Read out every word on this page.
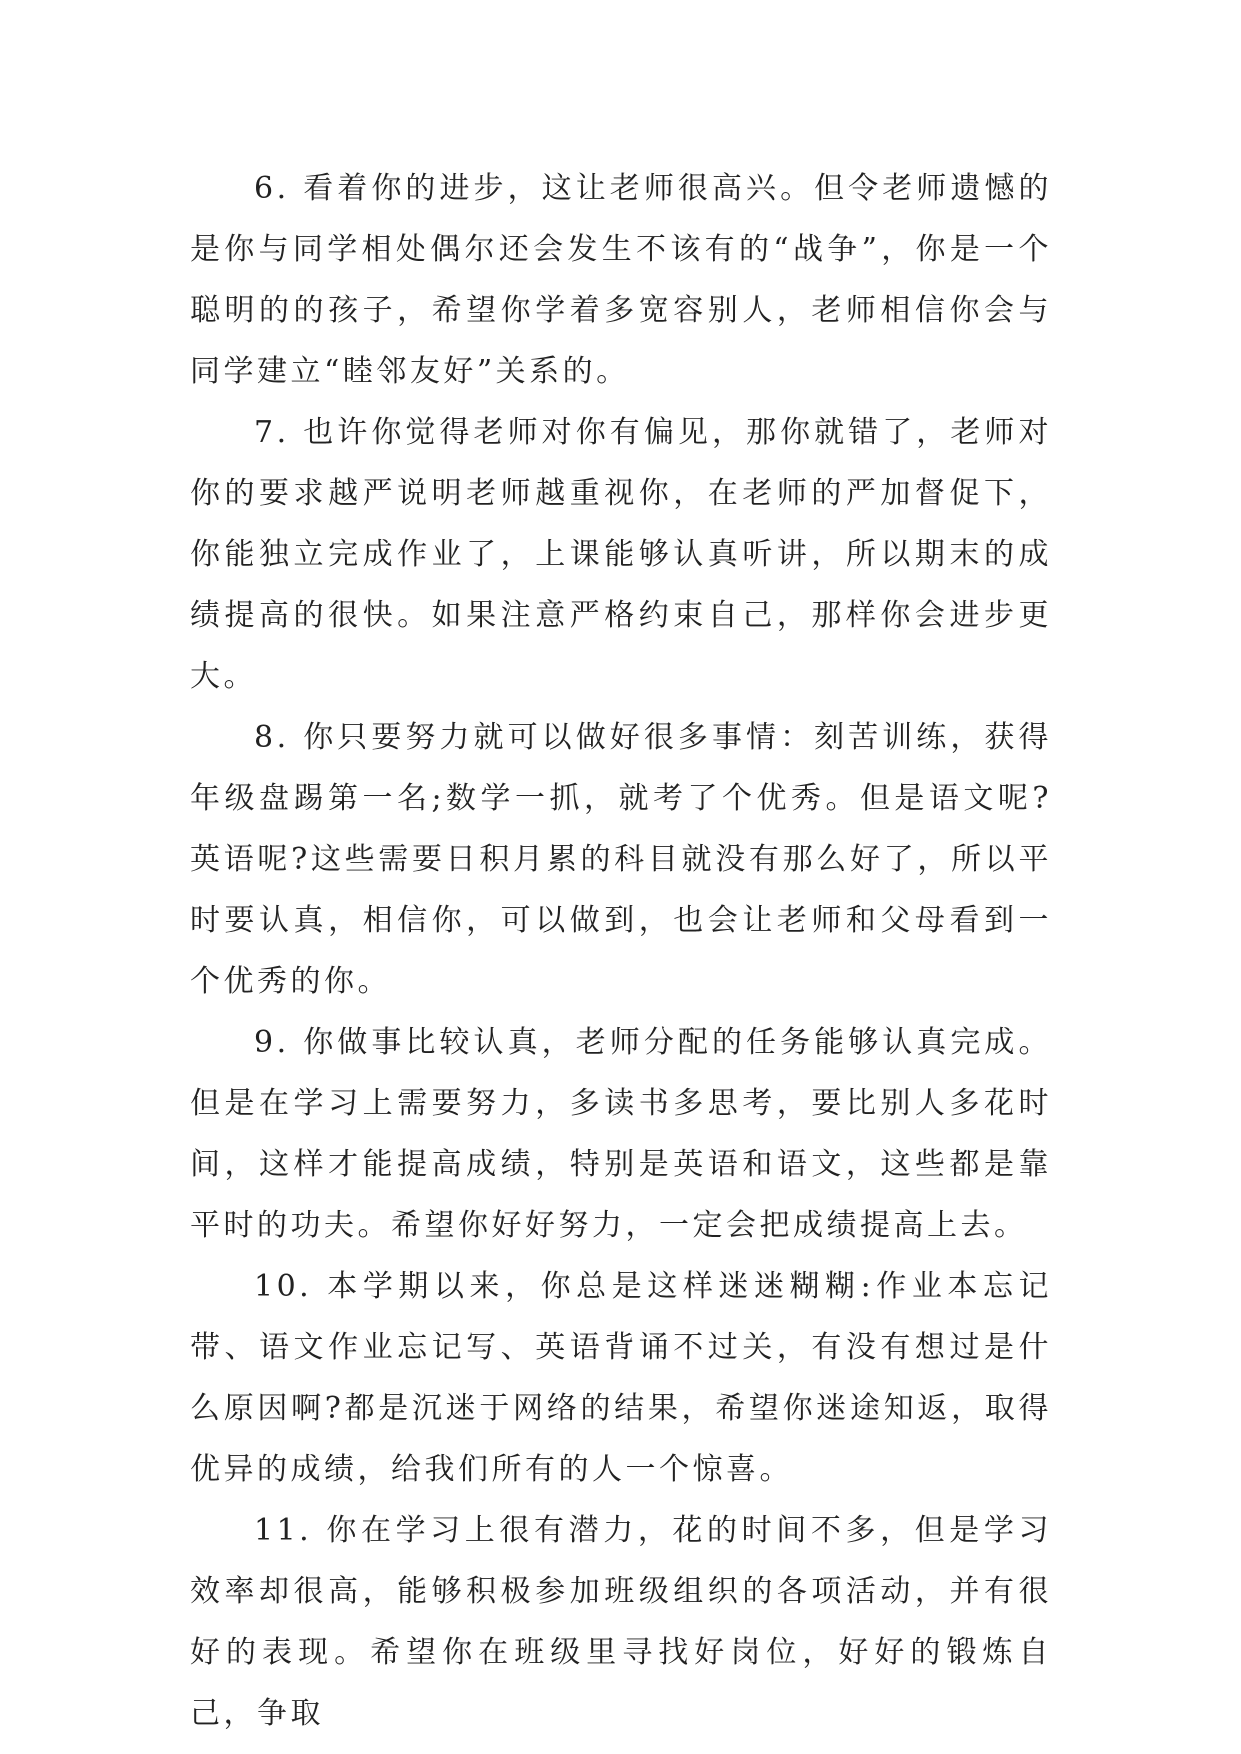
6. 看着你的进步，这让老师很高兴。但令老师遗憾的是你与同学相处偶尔还会发生不该有的“战争”，你是一个聪明的的孩子，希望你学着多宽容别人，老师相信你会与同学建立“睦邻友好”关系的。

7. 也许你觉得老师对你有偏见，那你就错了，老师对你的要求越严说明老师越重视你，在老师的严加督促下，你能独立完成作业了，上课能够认真听讲，所以期末的成绩提高的很快。如果注意严格约束自己，那样你会进步更大。

8. 你只要努力就可以做好很多事情：刻苦训练，获得年级盘踢第一名;数学一抓，就考了个优秀。但是语文呢?英语呢?这些需要日积月累的科目就没有那么好了，所以平时要认真，相信你，可以做到，也会让老师和父母看到一个优秀的你。

9. 你做事比较认真，老师分配的任务能够认真完成。但是在学习上需要努力，多读书多思考，要比别人多花时间，这样才能提高成绩，特别是英语和语文，这些都是靠平时的功夫。希望你好好努力，一定会把成绩提高上去。

10. 本学期以来，你总是这样迷迷糊糊:作业本忘记带、语文作业忘记写、英语背诵不过关，有没有想过是什么原因啊?都是沉迷于网络的结果，希望你迷途知返，取得优异的成绩，给我们所有的人一个惊喜。

11. 你在学习上很有潜力，花的时间不多，但是学习效率却很高，能够积极参加班级组织的各项活动，并有很好的表现。希望你在班级里寻找好岗位，好好的锻炼自己，争取
